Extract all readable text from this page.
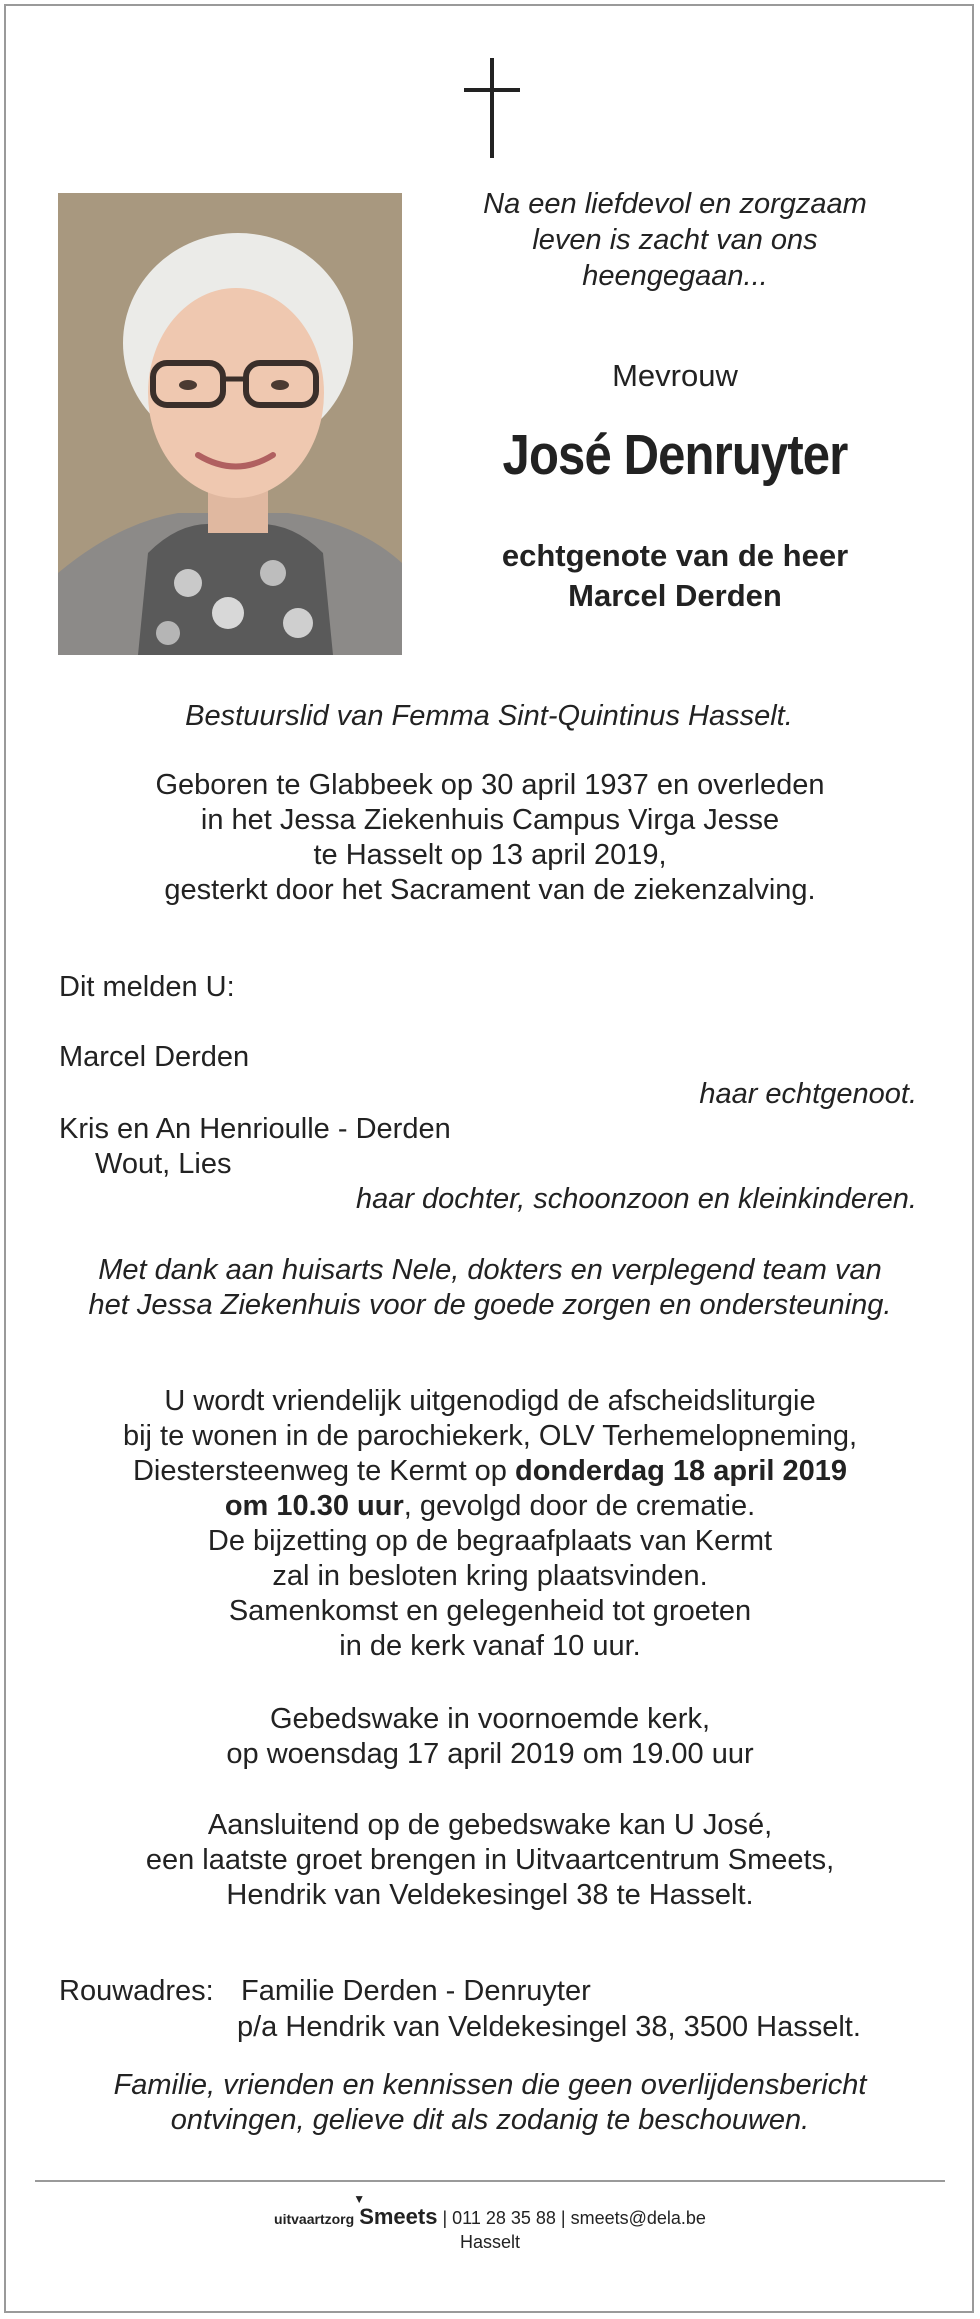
Na een liefdevol en zorgzaam
leven is zacht van ons
heengegaan...
Mevrouw
José Denruyter
echtgenote van de heer
Marcel Derden
Bestuurslid van Femma Sint-Quintinus Hasselt.
Geboren te Glabbeek op 30 april 1937 en overleden
in het Jessa Ziekenhuis Campus Virga Jesse
te Hasselt op 13 april 2019,
gesterkt door het Sacrament van de ziekenzalving.
Dit melden U:
Marcel Derden
haar echtgenoot.
Kris en An Henrioulle - Derden
Wout, Lies
haar dochter, schoonzoon en kleinkinderen.
Met dank aan huisarts Nele, dokters en verplegend team van
het Jessa Ziekenhuis voor de goede zorgen en ondersteuning.
U wordt vriendelijk uitgenodigd de afscheidsliturgie
bij te wonen in de parochiekerk, OLV Terhemelopneming,
Diestersteenweg te Kermt op donderdag 18 april 2019
om 10.30 uur, gevolgd door de crematie.
De bijzetting op de begraafplaats van Kermt
zal in besloten kring plaatsvinden.
Samenkomst en gelegenheid tot groeten
in de kerk vanaf 10 uur.
Gebedswake in voornoemde kerk,
op woensdag 17 april 2019 om 19.00 uur
Aansluitend op de gebedswake kan U José,
een laatste groet brengen in Uitvaartcentrum Smeets,
Hendrik van Veldekesingel 38 te Hasselt.
Rouwadres: Familie Derden - Denruyter
p/a Hendrik van Veldekesingel 38, 3500 Hasselt.
Familie, vrienden en kennissen die geen overlijdensbericht
ontvingen, gelieve dit als zodanig te beschouwen.
uitvaartzorg
▼
Smeets | 011 28 35 88 | smeets@dela.be
Hasselt
